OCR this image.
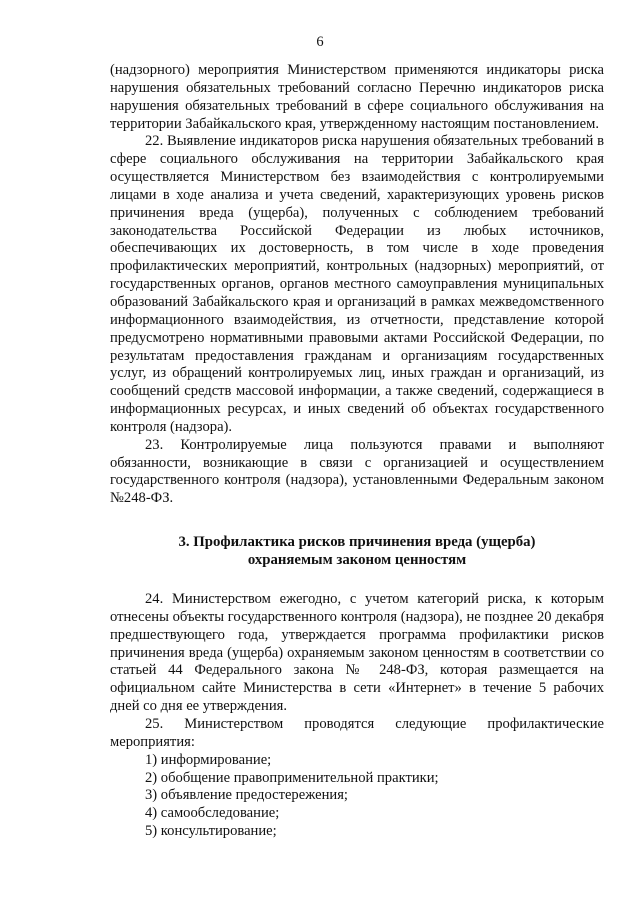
6

(надзорного) мероприятия Министерством применяются индикаторы риска нарушения обязательных требований согласно Перечню индикаторов риска нарушения обязательных требований в сфере социального обслуживания на территории Забайкальского края, утвержденному настоящим постановлением.

22. Выявление индикаторов риска нарушения обязательных требований в сфере социального обслуживания на территории Забайкальского края осуществляется Министерством без взаимодействия с контролируемыми лицами в ходе анализа и учета сведений, характеризующих уровень рисков причинения вреда (ущерба), полученных с соблюдением требований законодательства Российской Федерации из любых источников, обеспечивающих их достоверность, в том числе в ходе проведения профилактических мероприятий, контрольных (надзорных) мероприятий, от государственных органов, органов местного самоуправления муниципальных образований Забайкальского края и организаций в рамках межведомственного информационного взаимодействия, из отчетности, представление которой предусмотрено нормативными правовыми актами Российской Федерации, по результатам предоставления гражданам и организациям государственных услуг, из обращений контролируемых лиц, иных граждан и организаций, из сообщений средств массовой информации, а также сведений, содержащиеся в информационных ресурсах, и иных сведений об объектах государственного контроля (надзора).

23. Контролируемые лица пользуются правами и выполняют обязанности, возникающие в связи с организацией и осуществлением государственного контроля (надзора), установленными Федеральным законом №248-ФЗ.

3. Профилактика рисков причинения вреда (ущерба)
охраняемым законом ценностям

24. Министерством ежегодно, с учетом категорий риска, к которым отнесены объекты государственного контроля (надзора), не позднее 20 декабря предшествующего года, утверждается программа профилактики рисков причинения вреда (ущерба) охраняемым законом ценностям в соответствии со статьей 44 Федерального закона № 248-ФЗ, которая размещается на официальном сайте Министерства в сети «Интернет» в течение 5 рабочих дней со дня ее утверждения.

25. Министерством проводятся следующие профилактические мероприятия:

1) информирование;
2) обобщение правоприменительной практики;
3) объявление предостережения;
4) самообследование;
5) консультирование;
